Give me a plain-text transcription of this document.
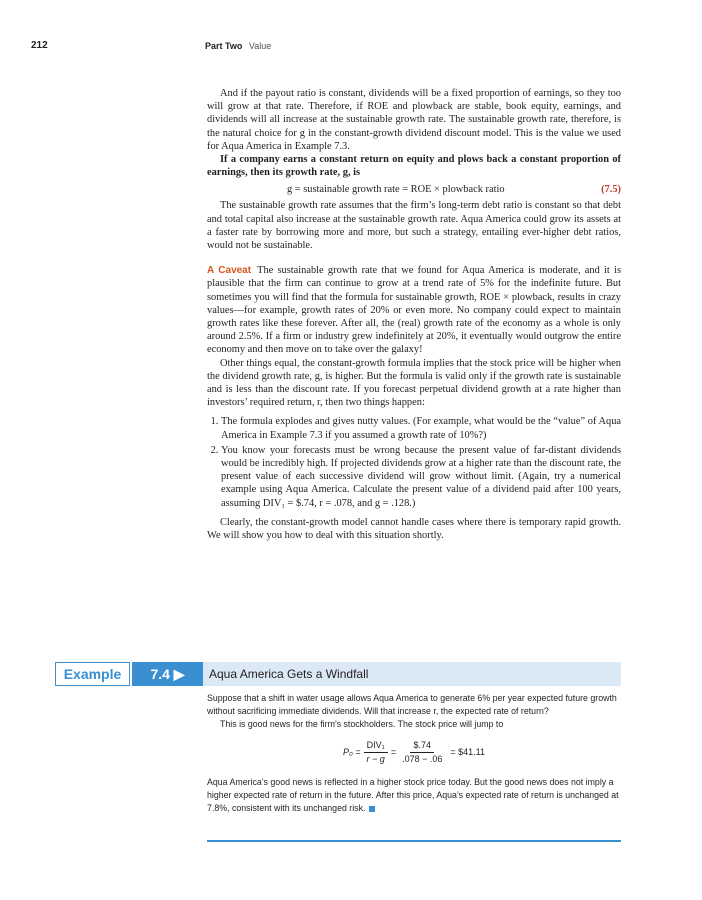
212	Part Two Value

And if the payout ratio is constant, dividends will be a fixed proportion of earnings, so they too will grow at that rate. Therefore, if ROE and plowback are stable, book equity, earnings, and dividends will all increase at the sustainable growth rate. The sustainable growth rate, therefore, is the natural choice for g in the constant-growth dividend discount model. This is the value we used for Aqua America in Example 7.3.

If a company earns a constant return on equity and plows back a constant proportion of earnings, then its growth rate, g, is

g = sustainable growth rate = ROE × plowback ratio	(7.5)

The sustainable growth rate assumes that the firm’s long-term debt ratio is constant so that debt and total capital also increase at the sustainable growth rate. Aqua America could grow its assets at a faster rate by borrowing more and more, but such a strategy, entailing ever-higher debt ratios, would not be sustainable.

A Caveat The sustainable growth rate that we found for Aqua America is moderate, and it is plausible that the firm can continue to grow at a trend rate of 5% for the indefinite future. But sometimes you will find that the formula for sustainable growth, ROE × plowback, results in crazy values—for example, growth rates of 20% or even more. No company could expect to maintain growth rates like these forever. After all, the (real) growth rate of the economy as a whole is only around 2.5%. If a firm or industry grew indefinitely at 20%, it eventually would outgrow the entire economy and then move on to take over the galaxy!

Other things equal, the constant-growth formula implies that the stock price will be higher when the dividend growth rate, g, is higher. But the formula is valid only if the growth rate is sustainable and is less than the discount rate. If you forecast perpetual dividend growth at a rate higher than investors’ required return, r, then two things happen:

1. The formula explodes and gives nutty values. (For example, what would be the “value” of Aqua America in Example 7.3 if you assumed a growth rate of 10%?)
2. You know your forecasts must be wrong because the present value of far-distant dividends would be incredibly high. If projected dividends grow at a higher rate than the discount rate, the present value of each successive dividend will grow without limit. (Again, try a numerical example using Aqua America. Calculate the present value of a dividend paid after 100 years, assuming DIV₁ = $.74, r = .078, and g = .128.)

Clearly, the constant-growth model cannot handle cases where there is temporary rapid growth. We will show you how to deal with this situation shortly.

Example	7.4 ▶	Aqua America Gets a Windfall

Suppose that a shift in water usage allows Aqua America to generate 6% per year expected future growth without sacrificing immediate dividends. Will that increase r, the expected rate of return?

This is good news for the firm’s stockholders. The stock price will jump to

$P_0 = \frac{\text{DIV₁}}{r - g} = \frac{\$.74}{.078 - .06}$ = $41.11

Aqua America’s good news is reflected in a higher stock price today. But the good news does not imply a higher expected rate of return in the future. After this price, Aqua’s expected rate of return is unchanged at 7.8%, consistent with its unchanged risk.
